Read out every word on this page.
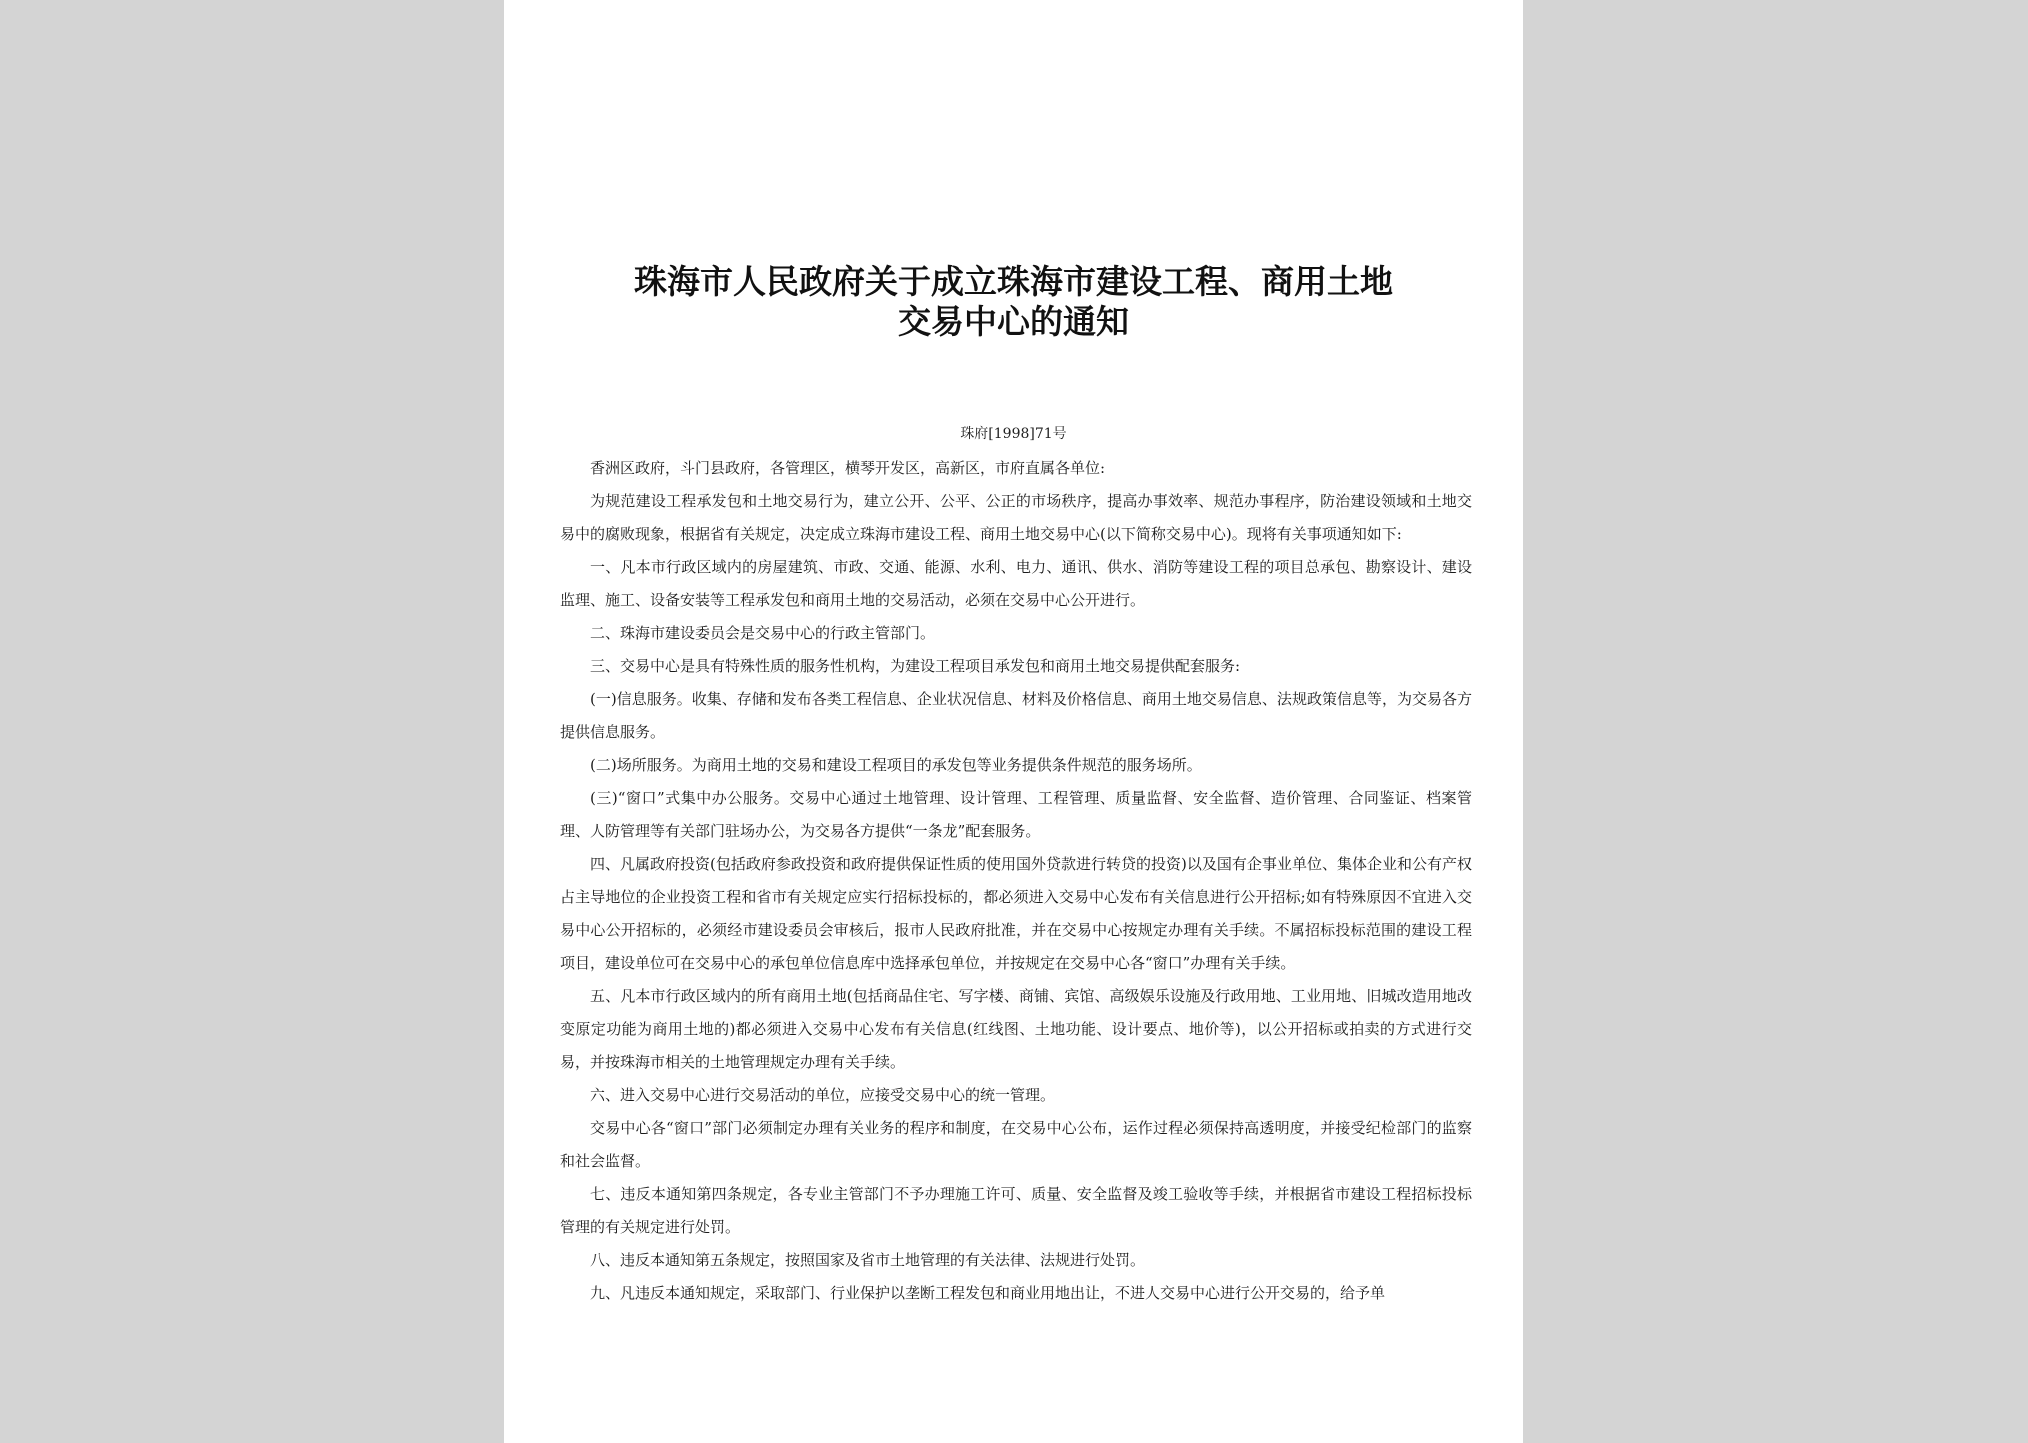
珠海市人民政府关于成立珠海市建设工程、商用土地
交易中心的通知
珠府[1998]71号

香洲区政府，斗门县政府，各管理区，横琴开发区，高新区，市府直属各单位:

为规范建设工程承发包和土地交易行为，建立公开、公平、公正的市场秩序，提高办事效率、规范办事程序，防治建设领域和土地交易中的腐败现象，根据省有关规定，决定成立珠海市建设工程、商用土地交易中心(以下简称交易中心)。现将有关事项通知如下:

一、凡本市行政区域内的房屋建筑、市政、交通、能源、水利、电力、通讯、供水、消防等建设工程的项目总承包、勘察设计、建设监理、施工、设备安装等工程承发包和商用土地的交易活动，必须在交易中心公开进行。

二、珠海市建设委员会是交易中心的行政主管部门。

三、交易中心是具有特殊性质的服务性机构，为建设工程项目承发包和商用土地交易提供配套服务:

(一)信息服务。收集、存储和发布各类工程信息、企业状况信息、材料及价格信息、商用土地交易信息、法规政策信息等，为交易各方提供信息服务。

(二)场所服务。为商用土地的交易和建设工程项目的承发包等业务提供条件规范的服务场所。

(三)“窗口”式集中办公服务。交易中心通过土地管理、设计管理、工程管理、质量监督、安全监督、造价管理、合同鉴证、档案管理、人防管理等有关部门驻场办公，为交易各方提供“一条龙”配套服务。

四、凡属政府投资(包括政府参政投资和政府提供保证性质的使用国外贷款进行转贷的投资)以及国有企事业单位、集体企业和公有产权占主导地位的企业投资工程和省市有关规定应实行招标投标的，都必须进入交易中心发布有关信息进行公开招标;如有特殊原因不宜进入交易中心公开招标的，必须经市建设委员会审核后，报市人民政府批准，并在交易中心按规定办理有关手续。不属招标投标范围的建设工程项目，建设单位可在交易中心的承包单位信息库中选择承包单位，并按规定在交易中心各“窗口”办理有关手续。

五、凡本市行政区域内的所有商用土地(包括商品住宅、写字楼、商铺、宾馆、高级娱乐设施及行政用地、工业用地、旧城改造用地改变原定功能为商用土地的)都必须进入交易中心发布有关信息(红线图、土地功能、设计要点、地价等)，以公开招标或拍卖的方式进行交易，并按珠海市相关的土地管理规定办理有关手续。

六、进入交易中心进行交易活动的单位，应接受交易中心的统一管理。

交易中心各“窗口”部门必须制定办理有关业务的程序和制度，在交易中心公布，运作过程必须保持高透明度，并接受纪检部门的监察和社会监督。

七、违反本通知第四条规定，各专业主管部门不予办理施工许可、质量、安全监督及竣工验收等手续，并根据省市建设工程招标投标管理的有关规定进行处罚。

八、违反本通知第五条规定，按照国家及省市土地管理的有关法律、法规进行处罚。

九、凡违反本通知规定，采取部门、行业保护以垄断工程发包和商业用地出让，不进人交易中心进行公开交易的，给予单
